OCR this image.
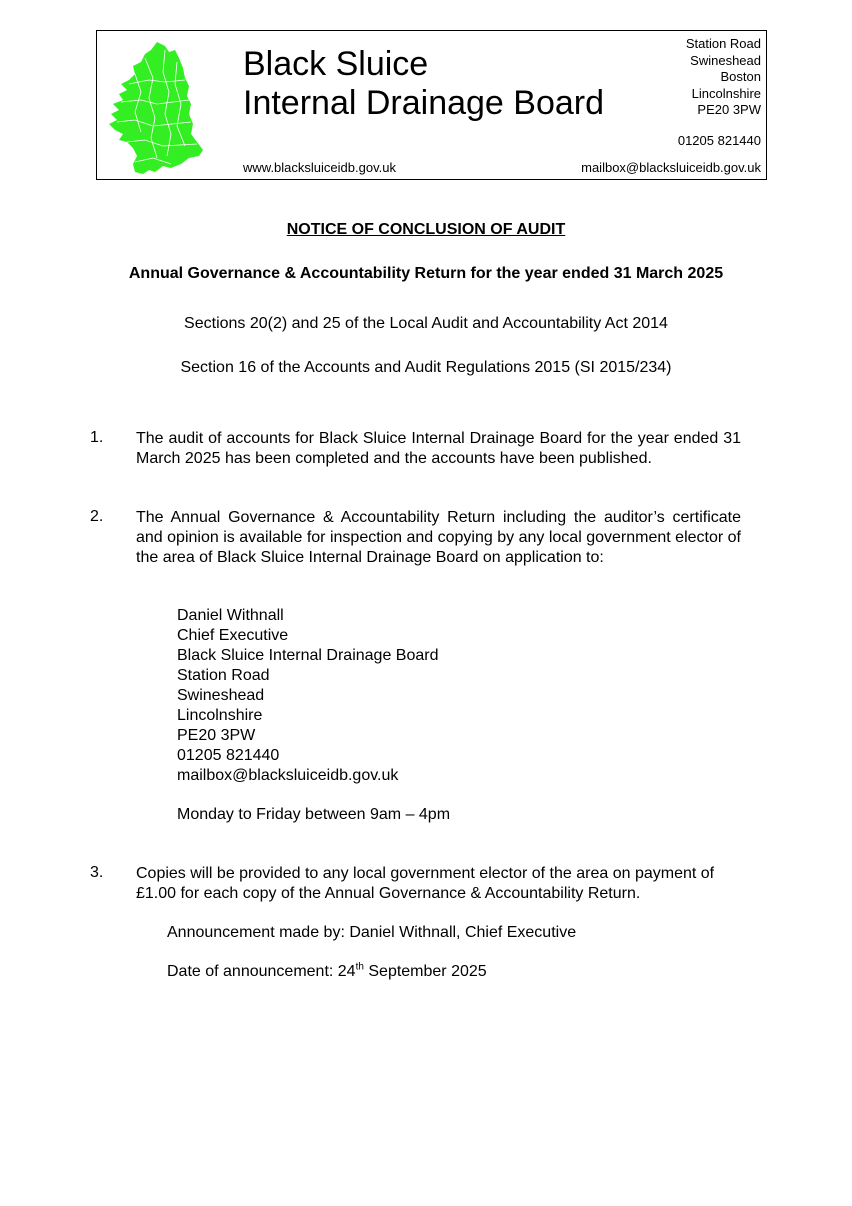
Black Sluice
Internal Drainage Board
Station Road
Swineshead
Boston
Lincolnshire
PE20 3PW
01205 821440
www.blacksluiceidb.gov.uk	mailbox@blacksluiceidb.gov.uk
NOTICE OF CONCLUSION OF AUDIT
Annual Governance & Accountability Return for the year ended 31 March 2025
Sections 20(2) and 25 of the Local Audit and Accountability Act 2014
Section 16 of the Accounts and Audit Regulations 2015 (SI 2015/234)
1. The audit of accounts for Black Sluice Internal Drainage Board for the year ended 31 March 2025 has been completed and the accounts have been published.
2. The Annual Governance & Accountability Return including the auditor’s certificate and opinion is available for inspection and copying by any local government elector of the area of Black Sluice Internal Drainage Board on application to:
Daniel Withnall
Chief Executive
Black Sluice Internal Drainage Board
Station Road
Swineshead
Lincolnshire
PE20 3PW
01205 821440
mailbox@blacksluiceidb.gov.uk
Monday to Friday between 9am – 4pm
3. Copies will be provided to any local government elector of the area on payment of £1.00 for each copy of the Annual Governance & Accountability Return.
Announcement made by: Daniel Withnall, Chief Executive
Date of announcement: 24th September 2025
